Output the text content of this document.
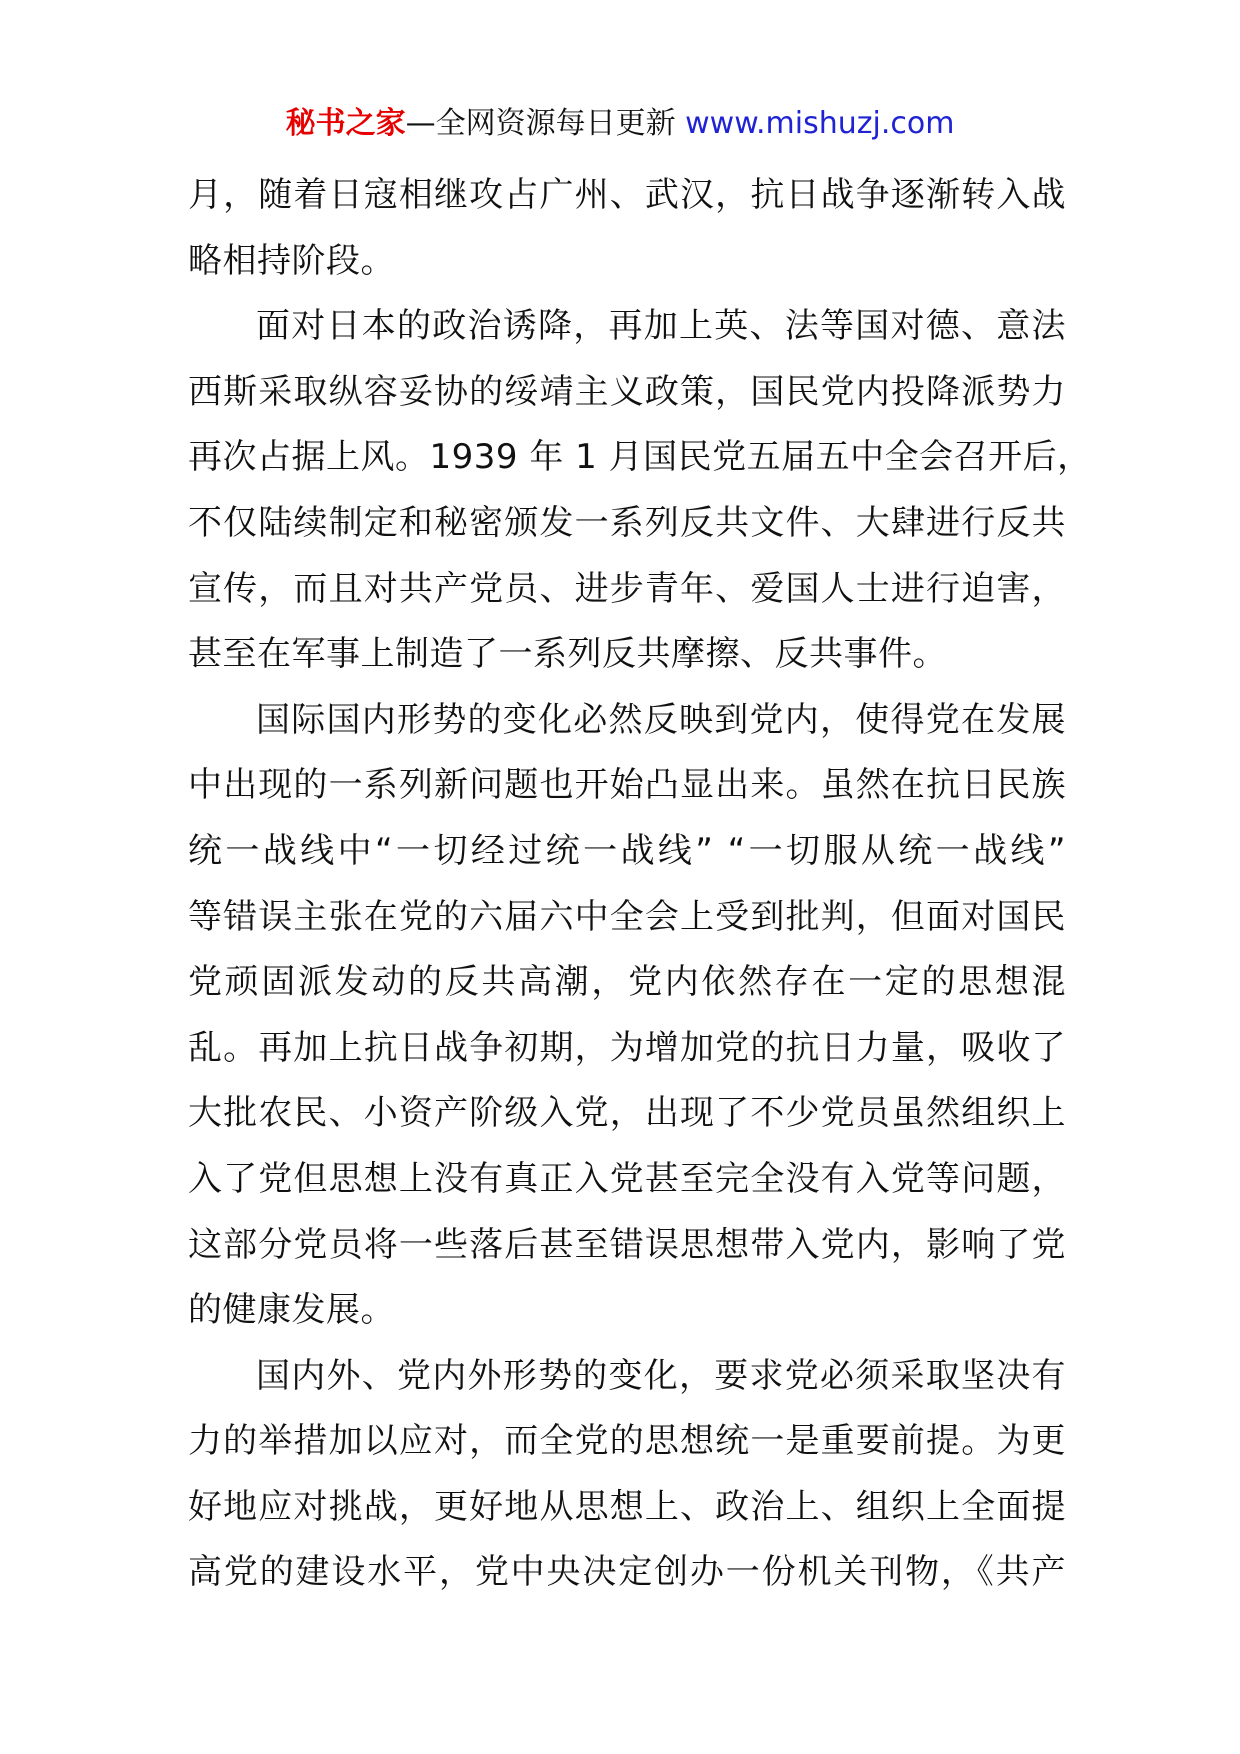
秘书之家—全网资源每日更新 www.mishuzj.com
月，随着日寇相继攻占广州、武汉，抗日战争逐渐转入战
略相持阶段。
面对日本的政治诱降，再加上英、法等国对德、意法
西斯采取纵容妥协的绥靖主义政策，国民党内投降派势力
再次占据上风。1939 年 1 月国民党五届五中全会召开后，
不仅陆续制定和秘密颁发一系列反共文件、大肆进行反共
宣传，而且对共产党员、进步青年、爱国人士进行迫害，
甚至在军事上制造了一系列反共摩擦、反共事件。
国际国内形势的变化必然反映到党内，使得党在发展
中出现的一系列新问题也开始凸显出来。虽然在抗日民族
统一战线中“一切经过统一战线” “一切服从统一战线”
等错误主张在党的六届六中全会上受到批判，但面对国民
党顽固派发动的反共高潮，党内依然存在一定的思想混
乱。再加上抗日战争初期，为增加党的抗日力量，吸收了
大批农民、小资产阶级入党，出现了不少党员虽然组织上
入了党但思想上没有真正入党甚至完全没有入党等问题，
这部分党员将一些落后甚至错误思想带入党内，影响了党
的健康发展。
国内外、党内外形势的变化，要求党必须采取坚决有
力的举措加以应对，而全党的思想统一是重要前提。为更
好地应对挑战，更好地从思想上、政治上、组织上全面提
高党的建设水平，党中央决定创办一份机关刊物，《共产
